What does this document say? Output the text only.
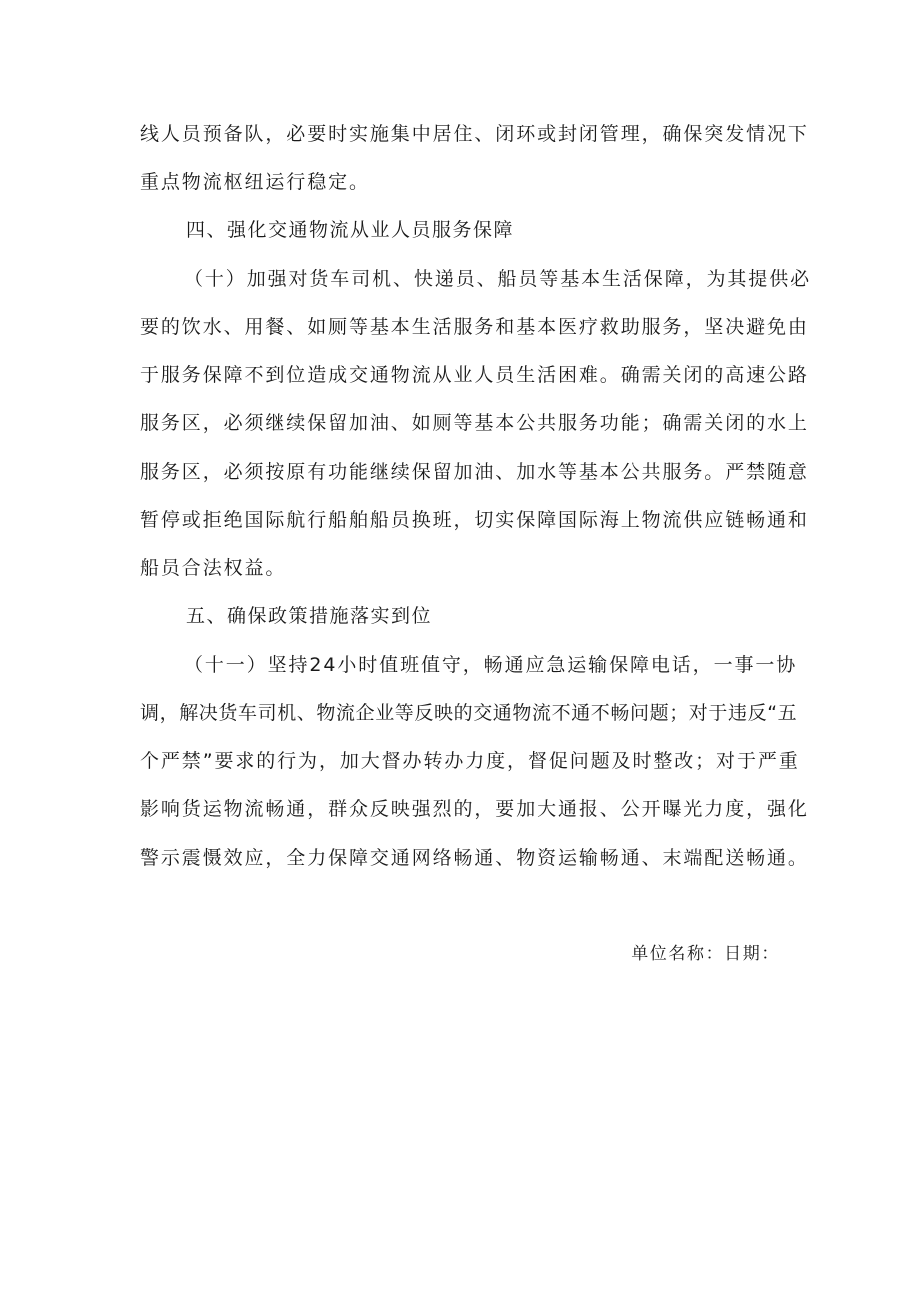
线人员预备队，必要时实施集中居住、闭环或封闭管理，确保突发情况下
重点物流枢纽运行稳定。
四、强化交通物流从业人员服务保障
（十）加强对货车司机、快递员、船员等基本生活保障，为其提供必
要的饮水、用餐、如厕等基本生活服务和基本医疗救助服务，坚决避免由
于服务保障不到位造成交通物流从业人员生活困难。确需关闭的高速公路
服务区，必须继续保留加油、如厕等基本公共服务功能；确需关闭的水上
服务区，必须按原有功能继续保留加油、加水等基本公共服务。严禁随意
暂停或拒绝国际航行船舶船员换班，切实保障国际海上物流供应链畅通和
船员合法权益。
五、确保政策措施落实到位
（十一）坚持24小时值班值守，畅通应急运输保障电话，一事一协
调，解决货车司机、物流企业等反映的交通物流不通不畅问题；对于违反“五
个严禁”要求的行为，加大督办转办力度，督促问题及时整改；对于严重
影响货运物流畅通，群众反映强烈的，要加大通报、公开曝光力度，强化
警示震慑效应，全力保障交通网络畅通、物资运输畅通、末端配送畅通。
单位名称：日期：
